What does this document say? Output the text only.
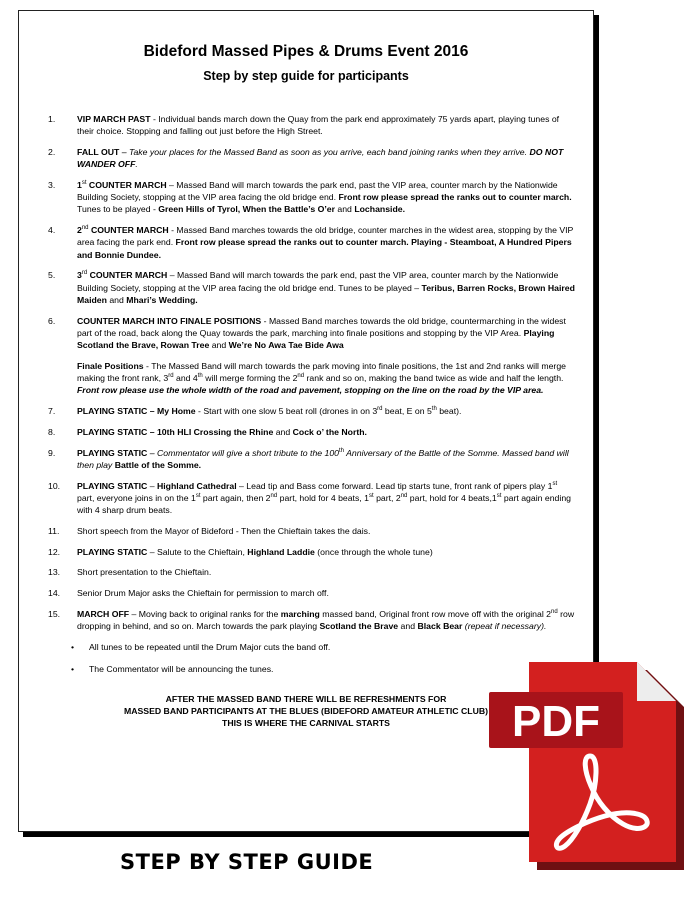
Bideford Massed Pipes & Drums Event 2016
Step by step guide for participants
1.	VIP MARCH PAST - Individual bands march down the Quay from the park end approximately 75 yards apart, playing tunes of their choice. Stopping and falling out just before the High Street.
2.	FALL OUT – Take your places for the Massed Band as soon as you arrive, each band joining ranks when they arrive. DO NOT WANDER OFF.
3.	1st COUNTER MARCH – Massed Band will march towards the park end, past the VIP area, counter march by the Nationwide Building Society, stopping at the VIP area facing the old bridge end. Front row please spread the ranks out to counter march. Tunes to be played - Green Hills of Tyrol, When the Battle’s O’er and Lochanside.
4.	2nd COUNTER MARCH - Massed Band marches towards the old bridge, counter marches in the widest area, stopping by the VIP area facing the park end. Front row please spread the ranks out to counter march. Playing - Steamboat, A Hundred Pipers and Bonnie Dundee.
5.	3rd COUNTER MARCH – Massed Band will march towards the park end, past the VIP area, counter march by the Nationwide Building Society, stopping at the VIP area facing the old bridge end. Tunes to be played – Teribus, Barren Rocks, Brown Haired Maiden and Mhari’s Wedding.
6.	COUNTER MARCH INTO FINALE POSITIONS - Massed Band marches towards the old bridge, countermarching in the widest part of the road, back along the Quay towards the park, marching into finale positions and stopping by the VIP Area. Playing Scotland the Brave, Rowan Tree and We’re No Awa Tae Bide Awa
Finale Positions - The Massed Band will march towards the park moving into finale positions, the 1st and 2nd ranks will merge making the front rank, 3rd and 4th will merge forming the 2nd rank and so on, making the band twice as wide and half the length. Front row please use the whole width of the road and pavement, stopping on the line on the road by the VIP area.
7.	PLAYING STATIC – My Home - Start with one slow 5 beat roll (drones in on 3rd beat, E on 5th beat).
8.	PLAYING STATIC – 10th HLI Crossing the Rhine and Cock o’ the North.
9.	PLAYING STATIC – Commentator will give a short tribute to the 100th Anniversary of the Battle of the Somme. Massed band will then play Battle of the Somme.
10.	PLAYING STATIC – Highland Cathedral – Lead tip and Bass come forward. Lead tip starts tune, front rank of pipers play 1st part, everyone joins in on the 1st part again, then 2nd part, hold for 4 beats, 1st part, 2nd part, hold for 4 beats,1st part again ending with 4 sharp drum beats.
11.	Short speech from the Mayor of Bideford - Then the Chieftain takes the dais.
12.	PLAYING STATIC – Salute to the Chieftain, Highland Laddie (once through the whole tune)
13.	Short presentation to the Chieftain.
14.	Senior Drum Major asks the Chieftain for permission to march off.
15.	MARCH OFF – Moving back to original ranks for the marching massed band, Original front row move off with the original 2nd row dropping in behind, and so on. March towards the park playing Scotland the Brave and Black Bear (repeat if necessary).
• All tunes to be repeated until the Drum Major cuts the band off.
• The Commentator will be announcing the tunes.
AFTER THE MASSED BAND THERE WILL BE REFRESHMENTS FOR
MASSED BAND PARTICIPANTS AT THE BLUES (BIDEFORD AMATEUR ATHLETIC CLUB)
THIS IS WHERE THE CARNIVAL STARTS	PDF
STEP BY STEP GUIDE
